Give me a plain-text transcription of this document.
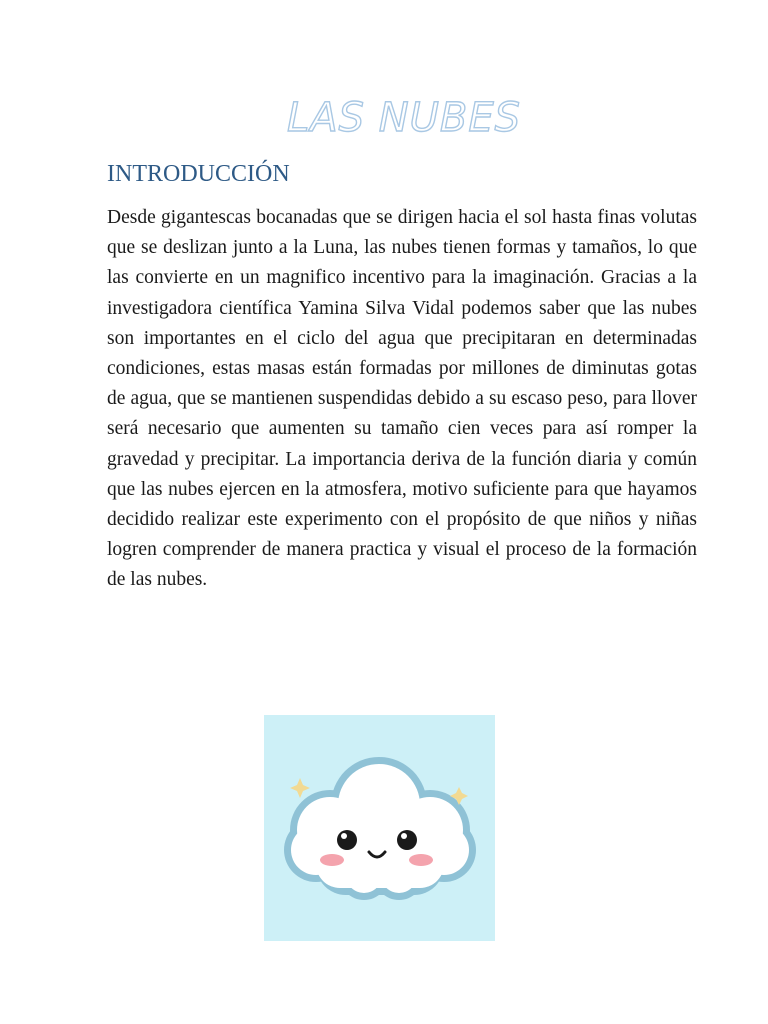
LAS NUBES
INTRODUCCIÓN

Desde gigantescas bocanadas que se dirigen hacia el sol hasta finas volutas que se deslizan junto a la Luna, las nubes tienen formas y tamaños, lo que las convierte en un magnifico incentivo para la imaginación. Gracias a la investigadora científica Yamina Silva Vidal podemos saber que las nubes son importantes en el ciclo del agua que precipitaran en determinadas condiciones, estas masas están formadas por millones de diminutas gotas de agua, que se mantienen suspendidas debido a su escaso peso, para llover será necesario que aumenten su tamaño cien veces para así romper la gravedad y precipitar. La importancia deriva de la función diaria y común que las nubes ejercen en la atmosfera, motivo suficiente para que hayamos decidido realizar este experimento con el propósito de que niños y niñas logren comprender de manera practica y visual el proceso de la formación de las nubes.
